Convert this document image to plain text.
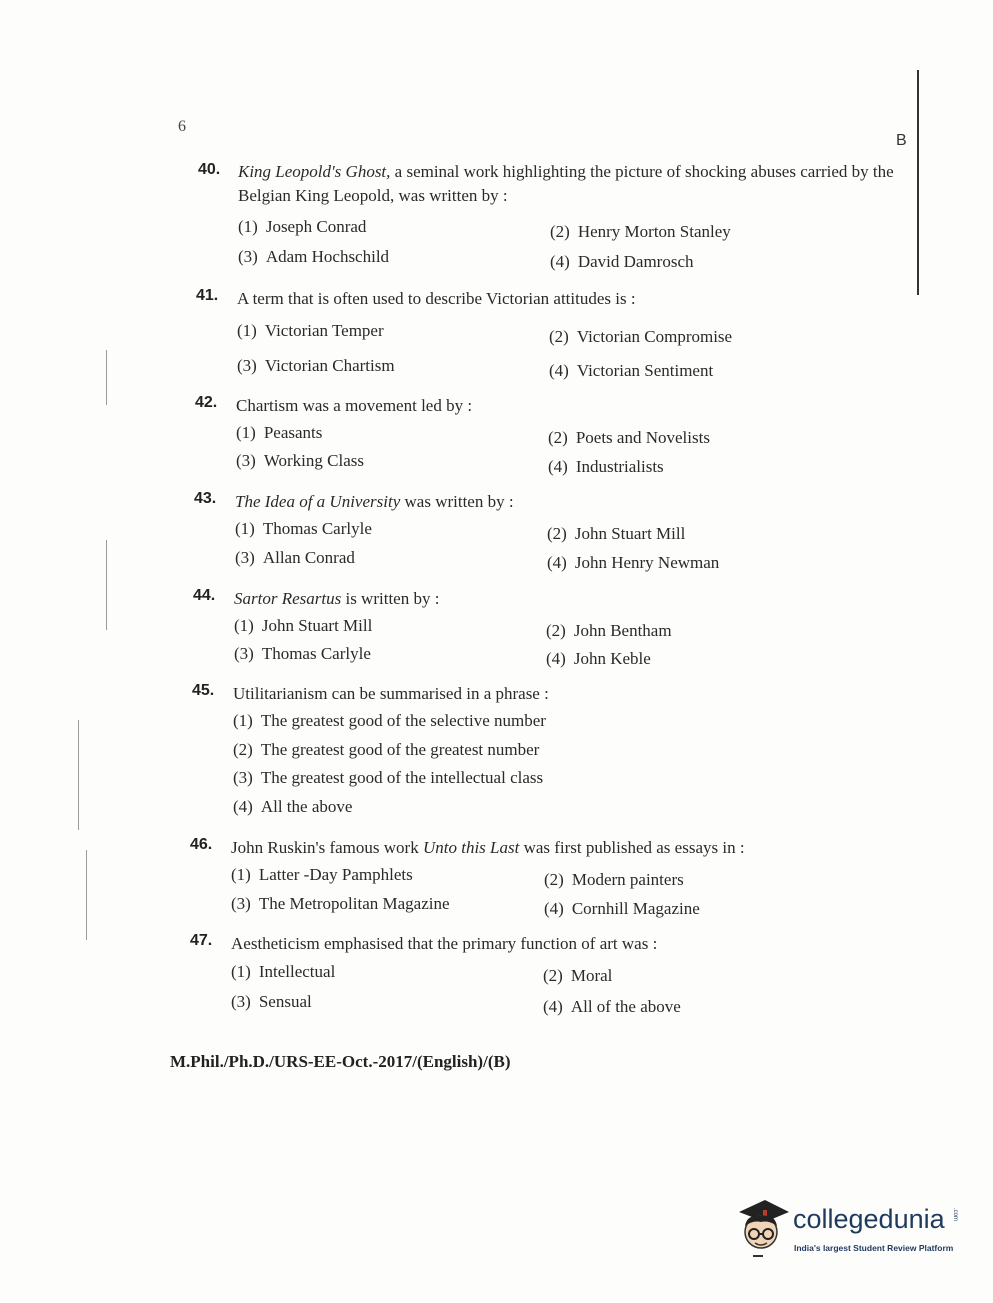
6
B
40. King Leopold's Ghost, a seminal work highlighting the picture of shocking abuses carried by the Belgian King Leopold, was written by :
(1) Joseph Conrad	(2) Henry Morton Stanley
(3) Adam Hochschild	(4) David Damrosch
41. A term that is often used to describe Victorian attitudes is :
(1) Victorian Temper	(2) Victorian Compromise
(3) Victorian Chartism	(4) Victorian Sentiment
42. Chartism was a movement led by :
(1) Peasants	(2) Poets and Novelists
(3) Working Class	(4) Industrialists
43. The Idea of a University was written by :
(1) Thomas Carlyle	(2) John Stuart Mill
(3) Allan Conrad	(4) John Henry Newman
44. Sartor Resartus is written by :
(1) John Stuart Mill	(2) John Bentham
(3) Thomas Carlyle	(4) John Keble
45. Utilitarianism can be summarised in a phrase :
(1) The greatest good of the selective number
(2) The greatest good of the greatest number
(3) The greatest good of the intellectual class
(4) All the above
46. John Ruskin's famous work Unto this Last was first published as essays in :
(1) Latter -Day Pamphlets	(2) Modern painters
(3) The Metropolitan Magazine	(4) Cornhill Magazine
47. Aestheticism emphasised that the primary function of art was :
(1) Intellectual	(2) Moral
(3) Sensual	(4) All of the above
M.Phil./Ph.D./URS-EE-Oct.-2017/(English)/(B)
collegedunia .com
India's largest Student Review Platform
